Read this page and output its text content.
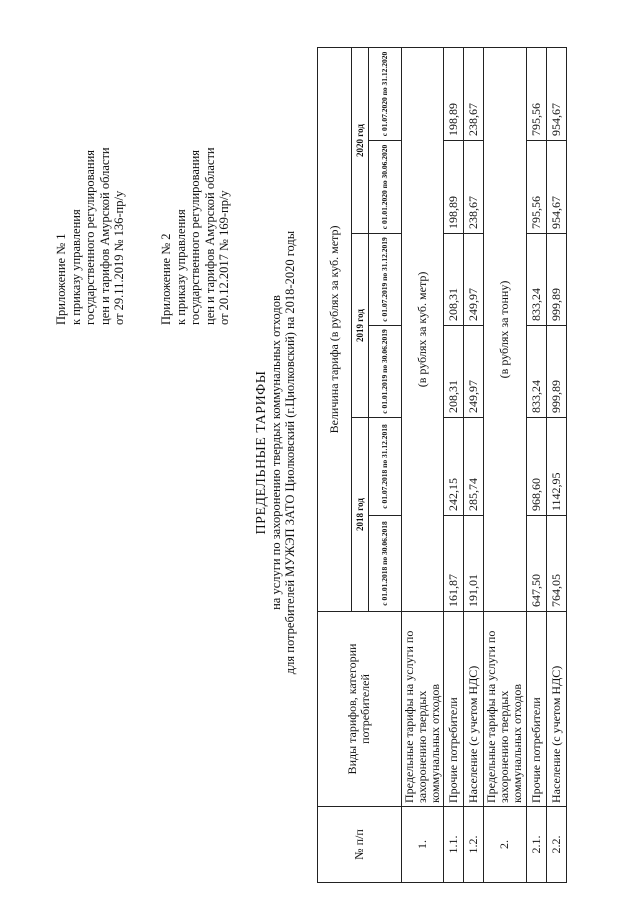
Приложение № 1 к приказу управления государственного регулирования цен и тарифов Амурской области от 29.11.2019 № 136-пр/у	Приложение № 2 к приказу управления государственного регулирования цен и тарифов Амурской области от 20.12.2017 № 169-пр/у
ПРЕДЕЛЬНЫЕ ТАРИФЫ на услуги по захоронению твердых коммунальных отходов для потребителей МУЖЭП ЗАТО Циолковский (г.Циолковский) на 2018-2020 годы
№ п/п	Виды тарифов, категории потребителей	Величина тарифа (в рублях за куб. метр)					
		2018 год		2019 год		2020 год	
		с 01.01.2018 по 30.06.2018	с 01.07.2018 по 31.12.2018	с 01.01.2019 по 30.06.2019	с 01.07.2019 по 31.12.2019	с 01.01.2020 по 30.06.2020	с 01.07.2020 по 31.12.2020
1.	Предельные тарифы на услуги по захоронению твердых коммунальных отходов	(в рублях за куб. метр)					
1.1.	Прочие потребители	161,87	242,15	208,31	208,31	198,89	198,89
1.2.	Население (с учетом НДС)	191,01	285,74	249,97	249,97	238,67	238,67
2.	Предельные тарифы на услуги по захоронению твердых коммунальных отходов	(в рублях за тонну)					
2.1.	Прочие потребители	647,50	968,60	833,24	833,24	795,56	795,56
2.2.	Население (с учетом НДС)	764,05	1142,95	999,89	999,89	954,67	954,67
